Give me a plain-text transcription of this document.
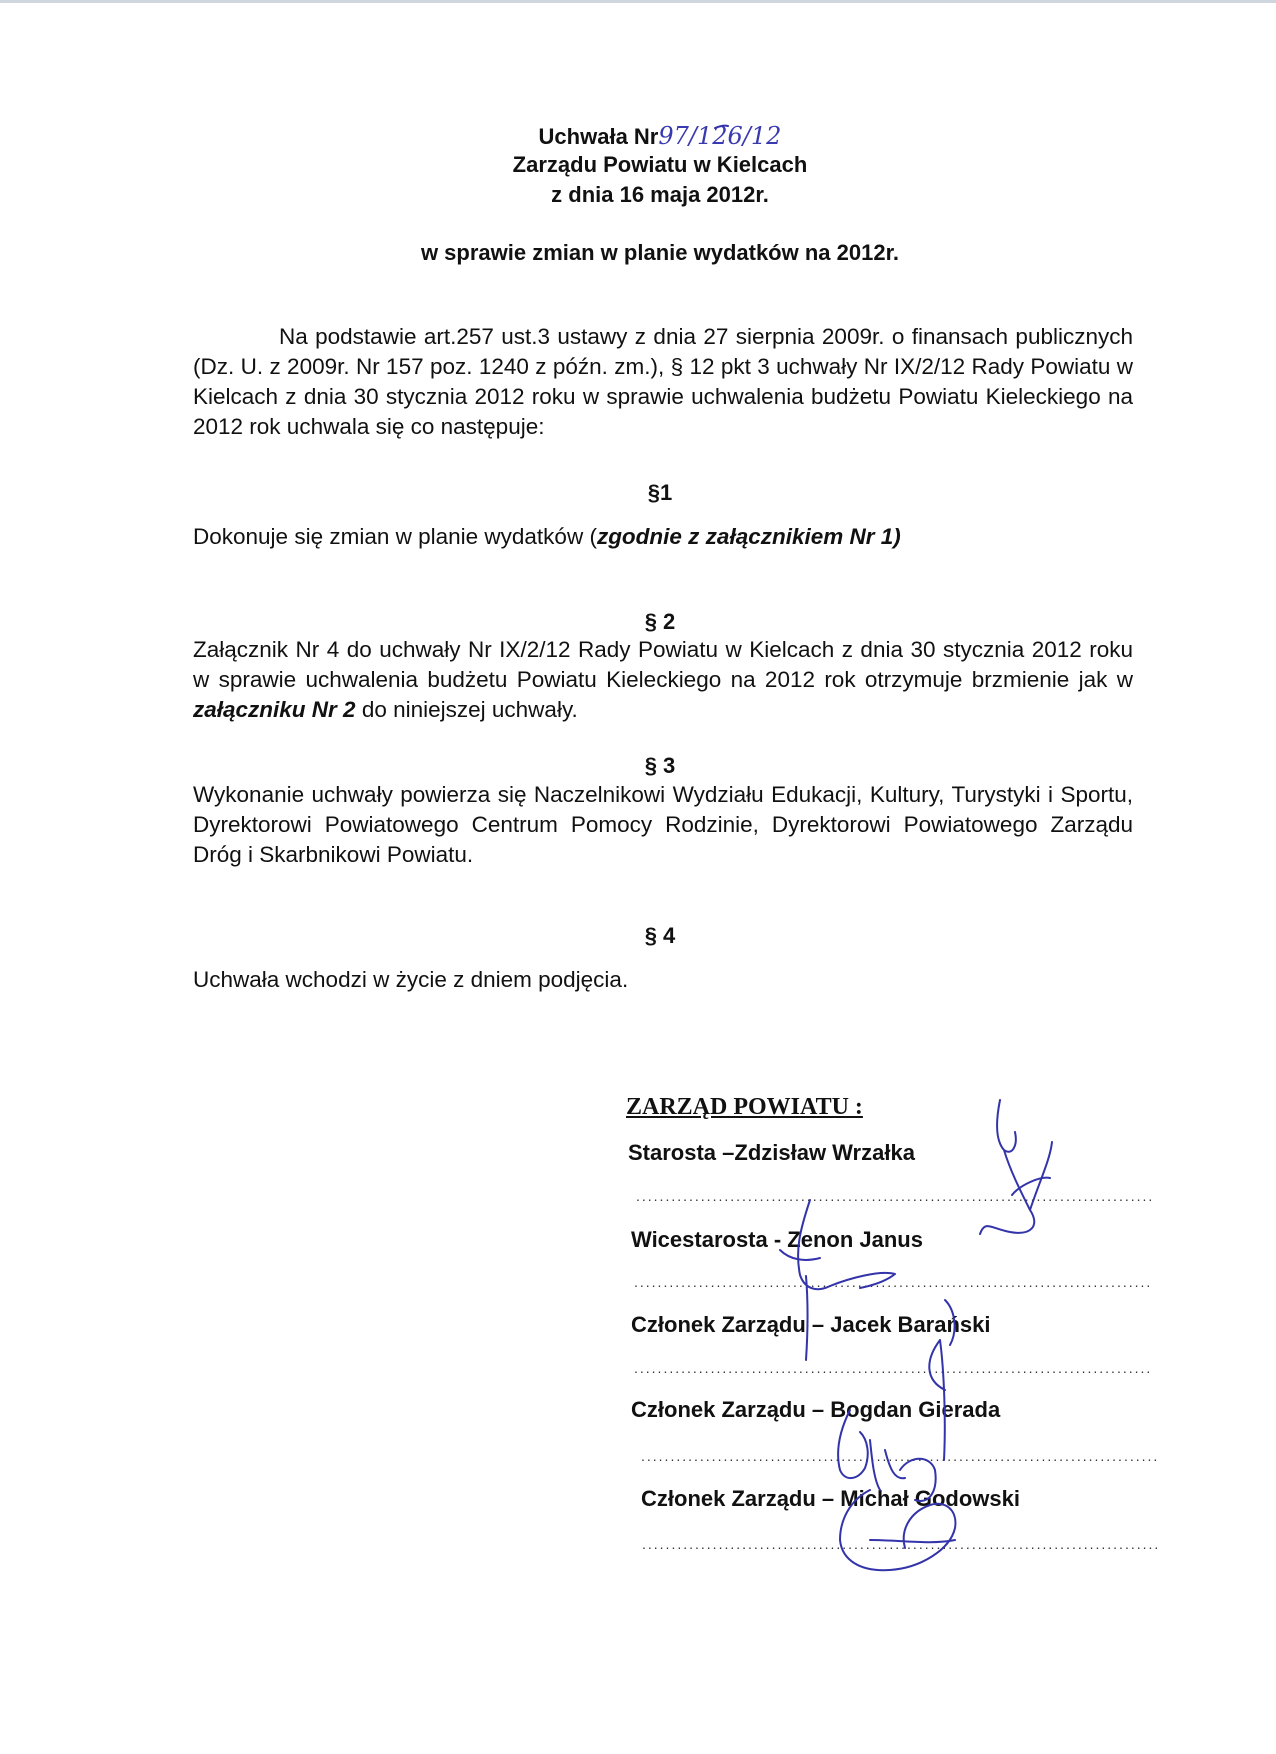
Uchwała Nr97/126/12
Zarządu Powiatu w Kielcach
z dnia 16 maja 2012r.
w sprawie zmian w planie wydatków na 2012r.
Na podstawie art.257 ust.3 ustawy z dnia 27 sierpnia 2009r. o finansach publicznych (Dz. U. z 2009r. Nr 157 poz. 1240 z późn. zm.), § 12 pkt 3 uchwały Nr IX/2/12 Rady Powiatu w Kielcach z dnia 30 stycznia 2012 roku w sprawie uchwalenia budżetu Powiatu Kieleckiego na 2012 rok uchwala się co następuje:
§1
Dokonuje się zmian w planie wydatków (zgodnie z załącznikiem Nr 1)
§ 2
Załącznik Nr 4 do uchwały Nr IX/2/12 Rady Powiatu w Kielcach z dnia 30 stycznia 2012 roku w sprawie uchwalenia budżetu Powiatu Kieleckiego na 2012 rok otrzymuje brzmienie jak w załączniku Nr 2 do niniejszej uchwały.
§ 3
Wykonanie uchwały powierza się Naczelnikowi Wydziału Edukacji, Kultury, Turystyki i Sportu, Dyrektorowi Powiatowego Centrum Pomocy Rodzinie, Dyrektorowi Powiatowego Zarządu Dróg i Skarbnikowi Powiatu.
§ 4
Uchwała wchodzi w życie z dniem podjęcia.
ZARZĄD POWIATU :
Starosta –Zdzisław Wrzałka
........................................................................................
Wicestarosta - Zenon Janus
........................................................................................
Członek Zarządu – Jacek Barański
........................................................................................
Członek Zarządu – Bogdan Gierada
........................................................................................
Członek Zarządu – Michał Godowski
........................................................................................
